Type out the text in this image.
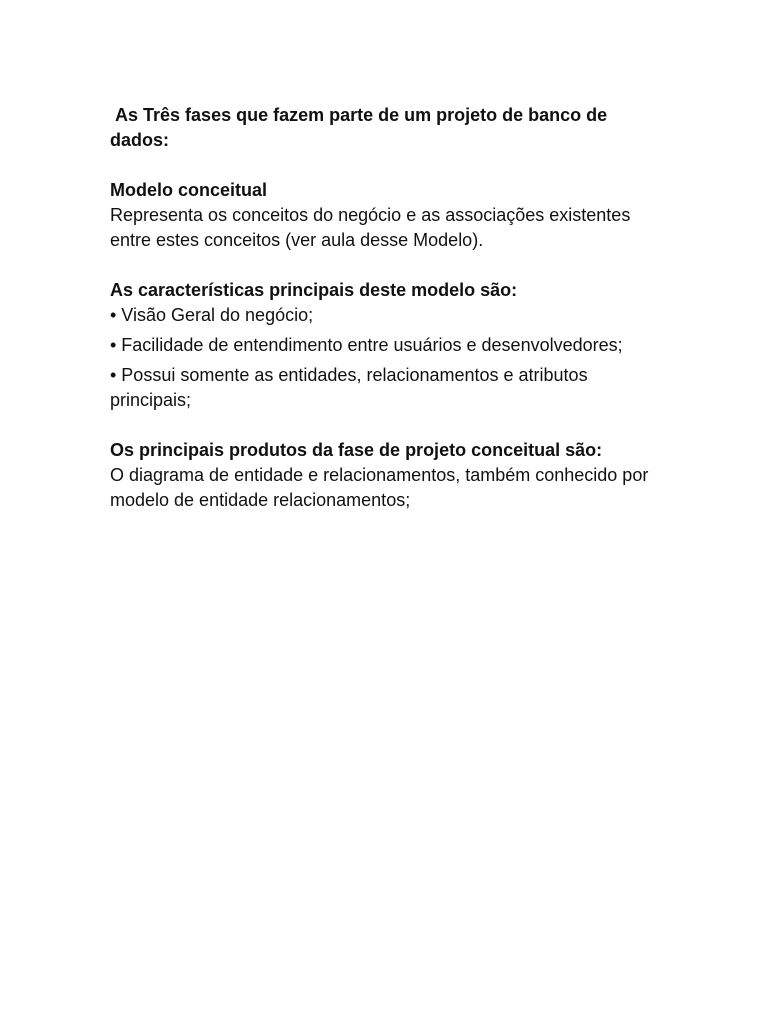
As Três fases que fazem parte de um projeto de banco de dados:

Modelo conceitual

Representa os conceitos do negócio e as associações existentes entre estes conceitos (ver aula desse Modelo).

As características principais deste modelo são:

• Visão Geral do negócio;
• Facilidade de entendimento entre usuários e desenvolvedores;
• Possui somente as entidades, relacionamentos e atributos principais;

Os principais produtos da fase de projeto conceitual são:

O diagrama de entidade e relacionamentos, também conhecido por modelo de entidade relacionamentos;
